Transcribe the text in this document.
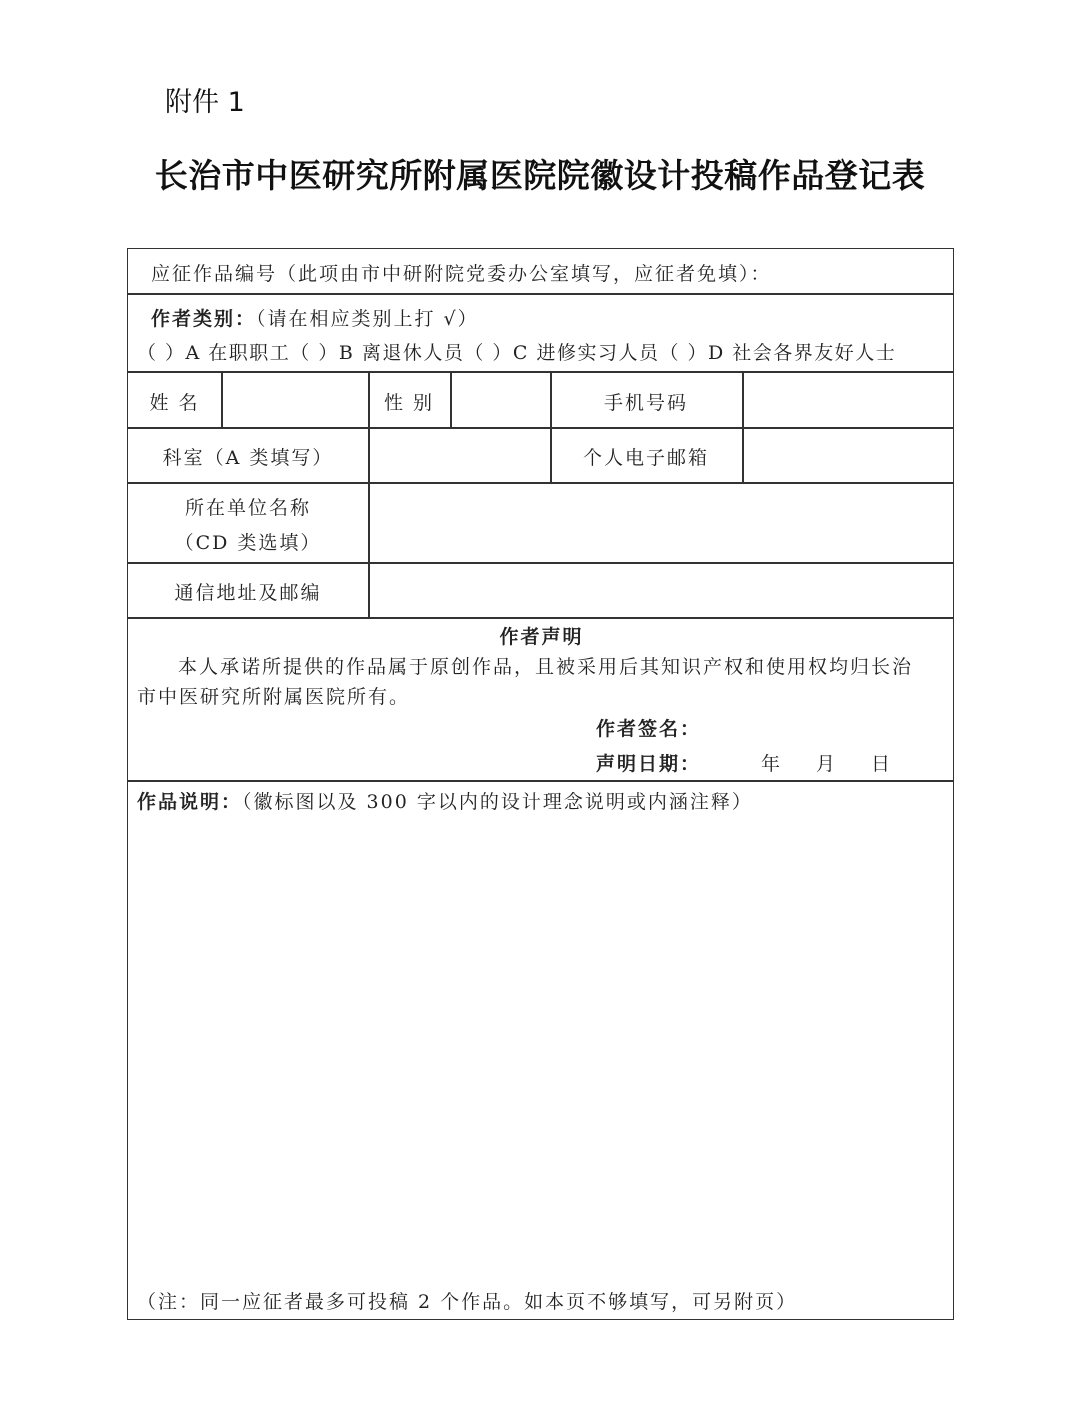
附件 1
长治市中医研究所附属医院院徽设计投稿作品登记表
应征作品编号（此项由市中研附院党委办公室填写，应征者免填）：
作者类别：（请在相应类别上打 √）
（ ）A 在职职工（ ）B 离退休人员（ ）C 进修实习人员（ ）D 社会各界友好人士
姓 名	性 别	手机号码
科室（A 类填写）	个人电子邮箱
所在单位名称
（CD 类选填）
通信地址及邮编
作者声明
本人承诺所提供的作品属于原创作品，且被采用后其知识产权和使用权均归长治
市中医研究所附属医院所有。
作者签名：
声明日期：	年 月 日
作品说明：（徽标图以及 300 字以内的设计理念说明或内涵注释）
（注：同一应征者最多可投稿 2 个作品。如本页不够填写，可另附页）
